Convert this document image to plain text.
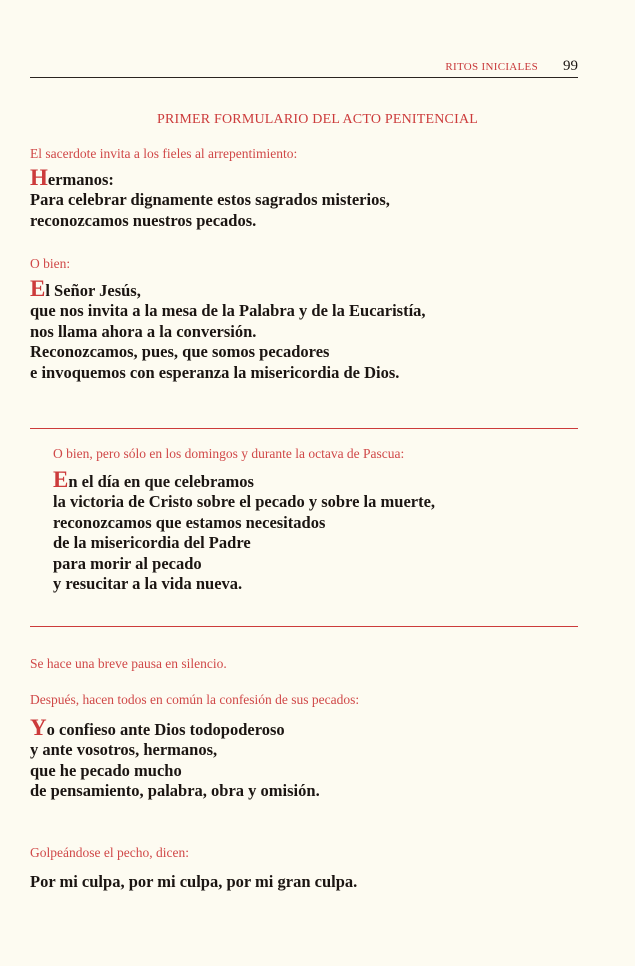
RITOS INICIALES 99
PRIMER FORMULARIO DEL ACTO PENITENCIAL
El sacerdote invita a los fieles al arrepentimiento:

Hermanos:

Para celebrar dignamente estos sagrados misterios,

reconozcamos nuestros pecados.

O bien:

El Señor Jesús,

que nos invita a la mesa de la Palabra y de la Eucaristía,

nos llama ahora a la conversión.

Reconozcamos, pues, que somos pecadores

e invoquemos con esperanza la misericordia de Dios.

O bien, pero sólo en los domingos y durante la octava de Pascua:

En el día en que celebramos

la victoria de Cristo sobre el pecado y sobre la muerte,

reconozcamos que estamos necesitados

de la misericordia del Padre

para morir al pecado

y resucitar a la vida nueva.

Se hace una breve pausa en silencio.
Después, hacen todos en común la confesión de sus pecados:

Yo confieso ante Dios todopoderoso

y ante vosotros, hermanos,

que he pecado mucho

de pensamiento, palabra, obra y omisión.

Golpeándose el pecho, dicen:

Por mi culpa, por mi culpa, por mi gran culpa.
